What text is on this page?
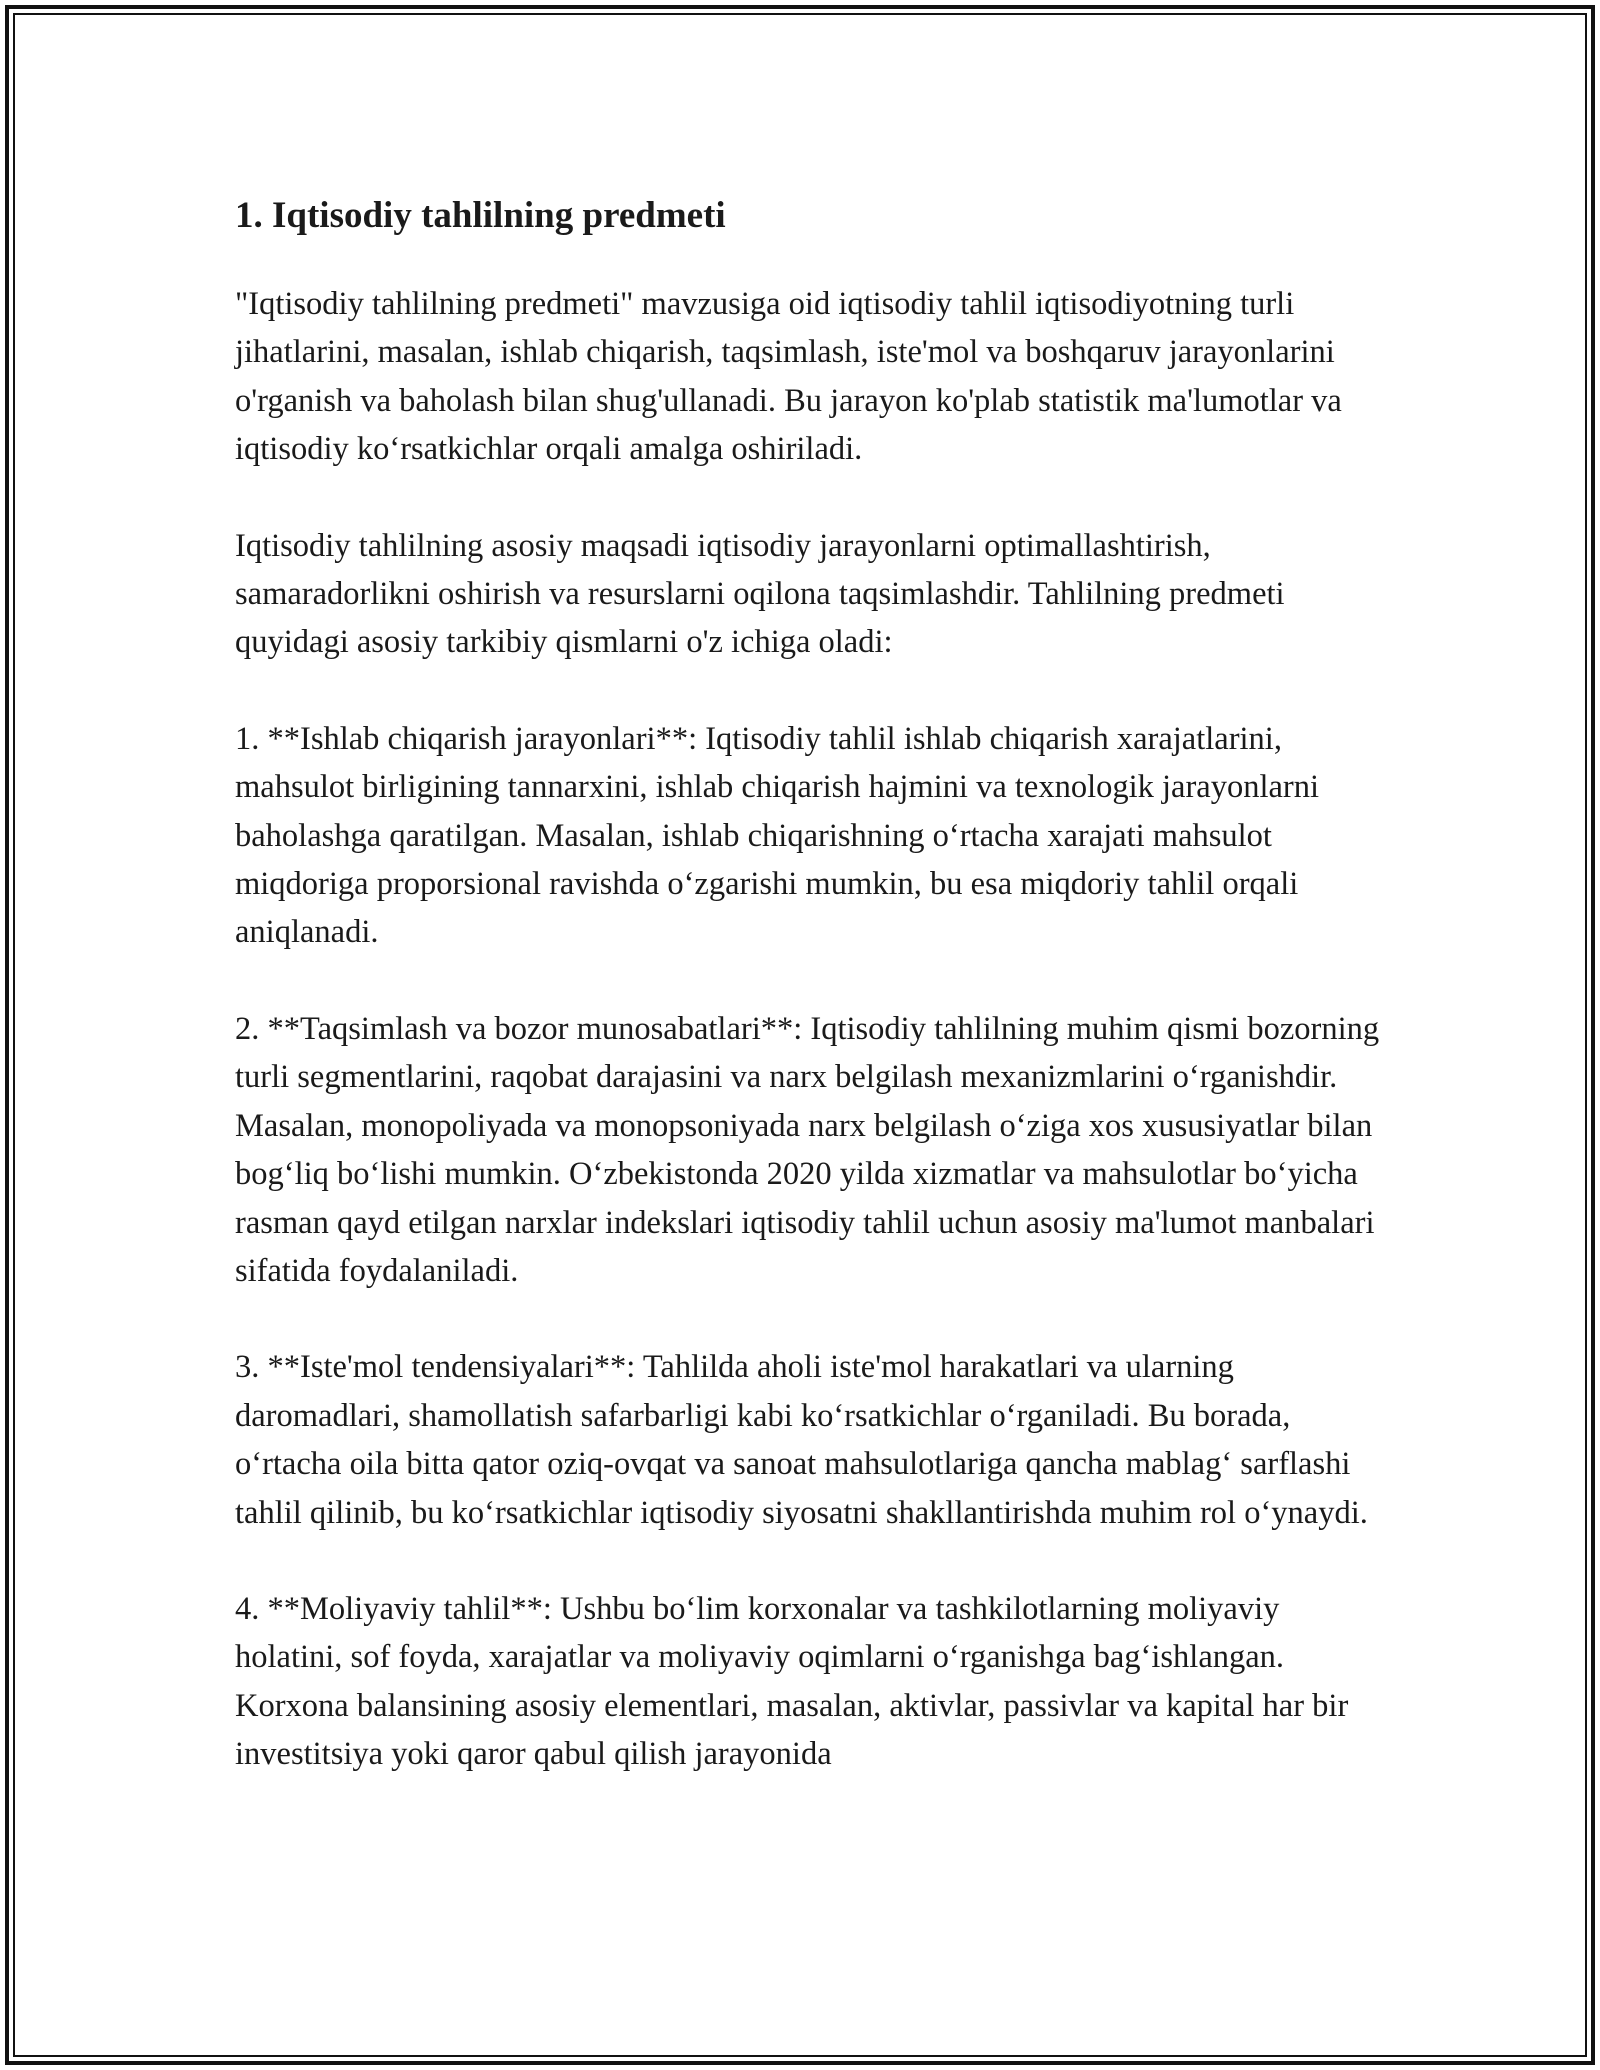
1. Iqtisodiy tahlilning predmeti

"Iqtisodiy tahlilning predmeti" mavzusiga oid iqtisodiy tahlil iqtisodiyotning turli jihatlarini, masalan, ishlab chiqarish, taqsimlash, iste'mol va boshqaruv jarayonlarini o'rganish va baholash bilan shug'ullanadi. Bu jarayon ko'plab statistik ma'lumotlar va iqtisodiy ko‘rsatkichlar orqali amalga oshiriladi.

Iqtisodiy tahlilning asosiy maqsadi iqtisodiy jarayonlarni optimallashtirish, samaradorlikni oshirish va resurslarni oqilona taqsimlashdir. Tahlilning predmeti quyidagi asosiy tarkibiy qismlarni o'z ichiga oladi:

1. **Ishlab chiqarish jarayonlari**: Iqtisodiy tahlil ishlab chiqarish xarajatlarini, mahsulot birligining tannarxini, ishlab chiqarish hajmini va texnologik jarayonlarni baholashga qaratilgan. Masalan, ishlab chiqarishning o‘rtacha xarajati mahsulot miqdoriga proporsional ravishda o‘zgarishi mumkin, bu esa miqdoriy tahlil orqali aniqlanadi.

2. **Taqsimlash va bozor munosabatlari**: Iqtisodiy tahlilning muhim qismi bozorning turli segmentlarini, raqobat darajasini va narx belgilash mexanizmlarini o‘rganishdir. Masalan, monopoliyada va monopsoniyada narx belgilash o‘ziga xos xususiyatlar bilan bog‘liq bo‘lishi mumkin. O‘zbekistonda 2020 yilda xizmatlar va mahsulotlar bo‘yicha rasman qayd etilgan narxlar indekslari iqtisodiy tahlil uchun asosiy ma'lumot manbalari sifatida foydalaniladi.

3. **Iste'mol tendensiyalari**: Tahlilda aholi iste'mol harakatlari va ularning daromadlari, shamollatish safarbarligi kabi ko‘rsatkichlar o‘rganiladi. Bu borada, o‘rtacha oila bitta qator oziq-ovqat va sanoat mahsulotlariga qancha mablag‘ sarflashi tahlil qilinib, bu ko‘rsatkichlar iqtisodiy siyosatni shakllantirishda muhim rol o‘ynaydi.

4. **Moliyaviy tahlil**: Ushbu bo‘lim korxonalar va tashkilotlarning moliyaviy holatini, sof foyda, xarajatlar va moliyaviy oqimlarni o‘rganishga bag‘ishlangan. Korxona balansining asosiy elementlari, masalan, aktivlar, passivlar va kapital har bir investitsiya yoki qaror qabul qilish jarayonida
